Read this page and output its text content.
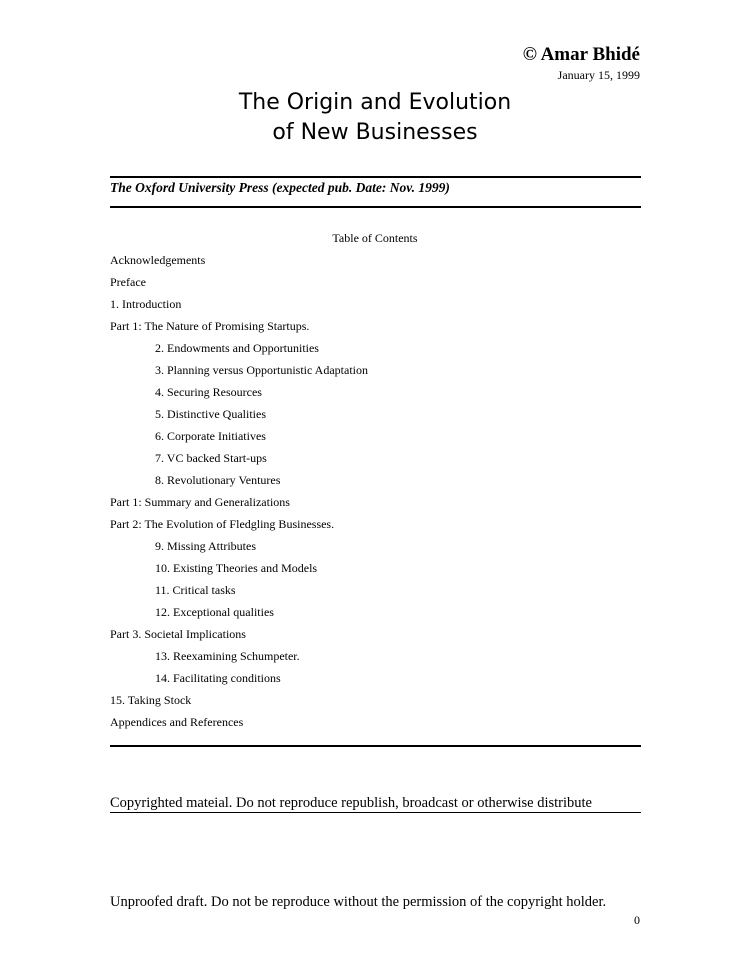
© Amar Bhidé
January 15, 1999
The Origin and Evolution
of New Businesses
The Oxford University Press (expected pub. Date: Nov. 1999)
Table of Contents
Acknowledgements
Preface
1. Introduction
Part 1: The Nature of Promising Startups.
2. Endowments and Opportunities
3. Planning versus Opportunistic Adaptation
4. Securing Resources
5. Distinctive Qualities
6. Corporate Initiatives
7. VC backed Start-ups
8. Revolutionary Ventures
Part 1: Summary and Generalizations
Part 2: The Evolution of Fledgling Businesses.
9. Missing Attributes
10. Existing Theories and Models
11. Critical tasks
12. Exceptional qualities
Part 3. Societal Implications
13. Reexamining Schumpeter.
14. Facilitating conditions
15. Taking Stock
Appendices and References
Copyrighted mateial. Do not reproduce republish, broadcast or otherwise distribute
Unproofed draft. Do not be reproduce without the permission of the copyright holder.
0
